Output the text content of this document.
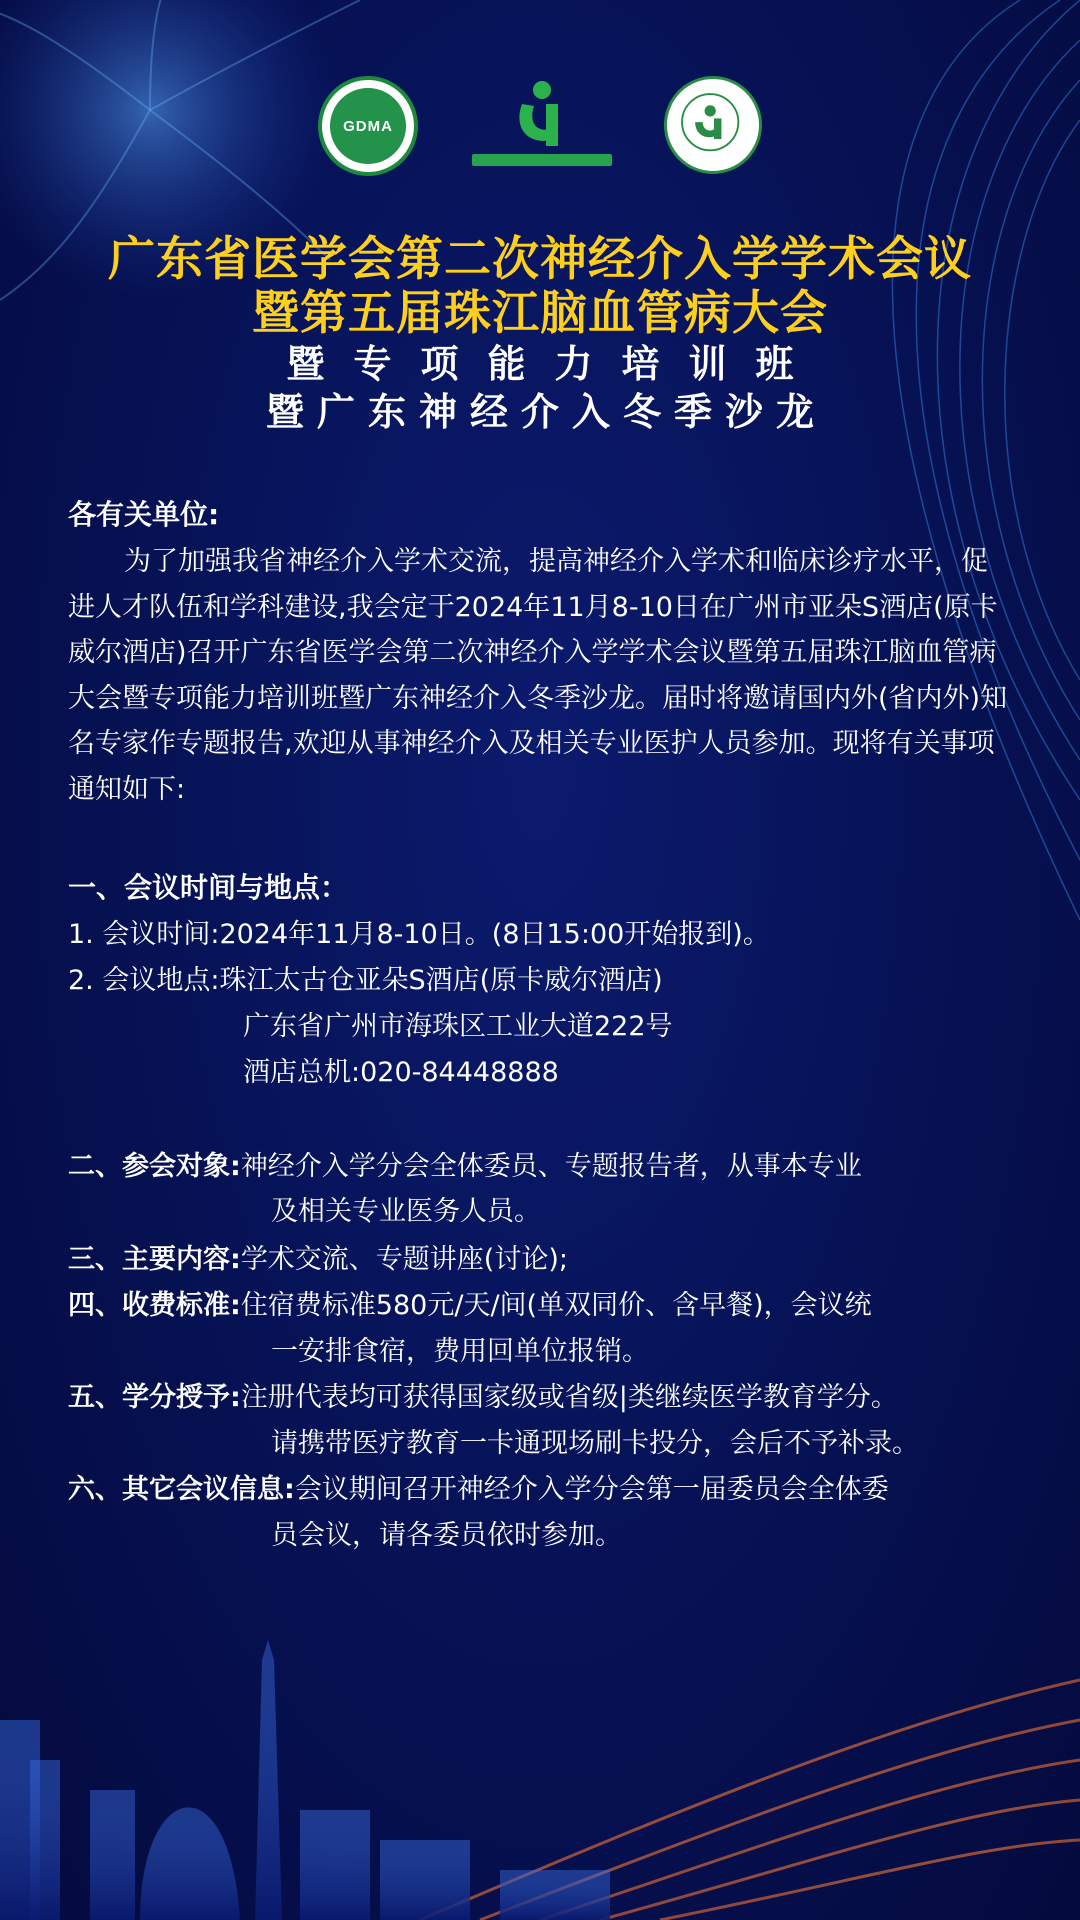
GDMA
广东省医学会第二次神经介入学学术会议
暨第五届珠江脑血管病大会
暨专项能力培训班
暨广东神经介入冬季沙龙
各有关单位:

为了加强我省神经介入学术交流，提高神经介入学术和临床诊疗水平，促进人才队伍和学科建设,我会定于2024年11月8-10日在广州市亚朵S酒店(原卡威尔酒店)召开广东省医学会第二次神经介入学学术会议暨第五届珠江脑血管病大会暨专项能力培训班暨广东神经介入冬季沙龙。届时将邀请国内外(省内外)知名专家作专题报告,欢迎从事神经介入及相关专业医护人员参加。现将有关事项通知如下:

一、会议时间与地点：
1. 会议时间:2024年11月8-10日。(8日15:00开始报到)。
2. 会议地点:珠江太古仓亚朵S酒店(原卡威尔酒店)
广东省广州市海珠区工业大道222号
酒店总机:020-84448888
二、参会对象:神经介入学分会全体委员、专题报告者，从事本专业
及相关专业医务人员。
三、主要内容:学术交流、专题讲座(讨论);
四、收费标准:住宿费标准580元/天/间(单双同价、含早餐)，会议统
一安排食宿，费用回单位报销。
五、学分授予:注册代表均可获得国家级或省级|类继续医学教育学分。
请携带医疗教育一卡通现场刷卡投分，会后不予补录。
六、其它会议信息:会议期间召开神经介入学分会第一届委员会全体委
员会议，请各委员依时参加。
